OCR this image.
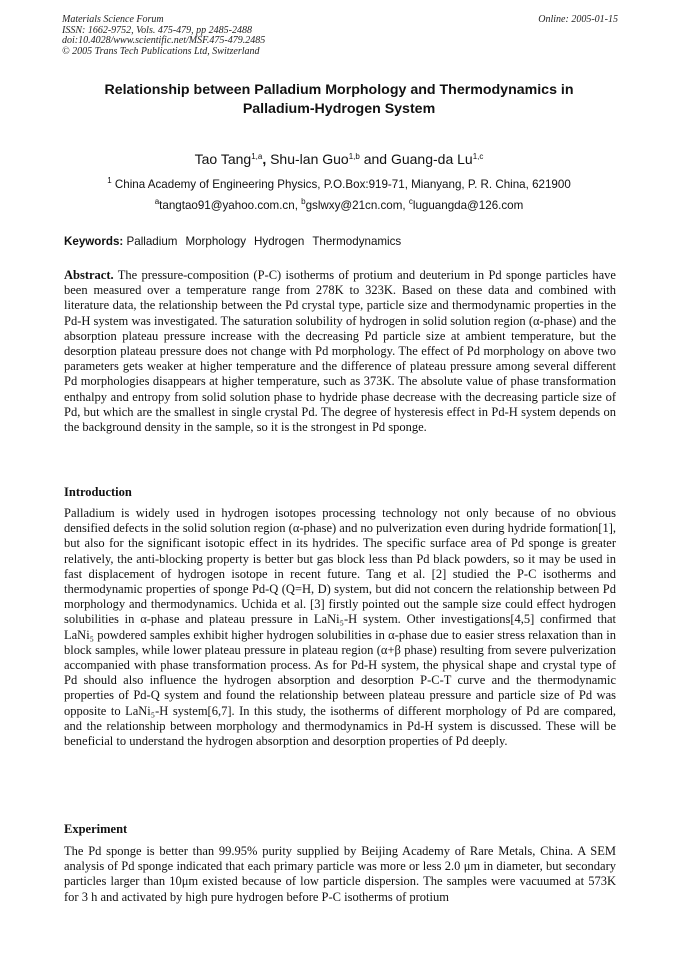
Materials Science Forum
ISSN: 1662-9752, Vols. 475-479, pp 2485-2488
doi:10.4028/www.scientific.net/MSF.475-479.2485
© 2005 Trans Tech Publications Ltd, Switzerland
Online: 2005-01-15
Relationship between Palladium Morphology and Thermodynamics in
Palladium-Hydrogen System
Tao Tang$^{1,a}$, Shu-lan Guo$^{1,b}$ and Guang-da Lu$^{1,c}$
$^1$ China Academy of Engineering Physics, P.O.Box:919-71, Mianyang, P. R. China, 621900
$^a$tangtao91@yahoo.com.cn, $^b$gslwxy@21cn.com, $^c$luguangda@126.com
Keywords: Palladium Morphology Hydrogen Thermodynamics
Abstract. The pressure-composition (P-C) isotherms of protium and deuterium in Pd sponge particles have been measured over a temperature range from 278K to 323K. Based on these data and combined with literature data, the relationship between the Pd crystal type, particle size and thermodynamic properties in the Pd-H system was investigated. The saturation solubility of hydrogen in solid solution region (α-phase) and the absorption plateau pressure increase with the decreasing Pd particle size at ambient temperature, but the desorption plateau pressure does not change with Pd morphology. The effect of Pd morphology on above two parameters gets weaker at higher temperature and the difference of plateau pressure among several different Pd morphologies disappears at higher temperature, such as 373K. The absolute value of phase transformation enthalpy and entropy from solid solution phase to hydride phase decrease with the decreasing particle size of Pd, but which are the smallest in single crystal Pd. The degree of hysteresis effect in Pd-H system depends on the background density in the sample, so it is the strongest in Pd sponge.
Introduction
Palladium is widely used in hydrogen isotopes processing technology not only because of no obvious densified defects in the solid solution region (α-phase) and no pulverization even during hydride formation[1], but also for the significant isotopic effect in its hydrides. The specific surface area of Pd sponge is greater relatively, the anti-blocking property is better but gas block less than Pd black powders, so it may be used in fast displacement of hydrogen isotope in recent future. Tang et al. [2] studied the P-C isotherms and thermodynamic properties of sponge Pd-Q (Q=H, D) system, but did not concern the relationship between Pd morphology and thermodynamics. Uchida et al. [3] firstly pointed out the sample size could effect hydrogen solubilities in α-phase and plateau pressure in LaNi₅-H system. Other investigations[4,5] confirmed that LaNi₅ powdered samples exhibit higher hydrogen solubilities in α-phase due to easier stress relaxation than in block samples, while lower plateau pressure in plateau region (α+β phase) resulting from severe pulverization accompanied with phase transformation process. As for Pd-H system, the physical shape and crystal type of Pd should also influence the hydrogen absorption and desorption P-C-T curve and the thermodynamic properties of Pd-Q system and found the relationship between plateau pressure and particle size of Pd was opposite to LaNi₅-H system[6,7]. In this study, the isotherms of different morphology of Pd are compared, and the relationship between morphology and thermodynamics in Pd-H system is discussed. These will be beneficial to understand the hydrogen absorption and desorption properties of Pd deeply.
Experiment
The Pd sponge is better than 99.95% purity supplied by Beijing Academy of Rare Metals, China. A SEM analysis of Pd sponge indicated that each primary particle was more or less 2.0 μm in diameter, but secondary particles larger than 10μm existed because of low particle dispersion. The samples were vacuumed at 573K for 3 h and activated by high pure hydrogen before P-C isotherms of protium
